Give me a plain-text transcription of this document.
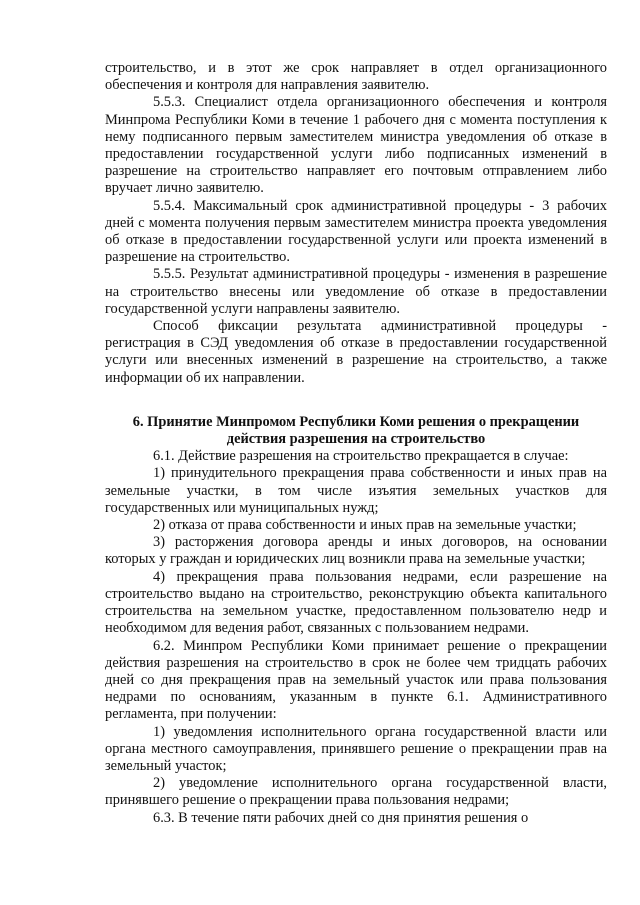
строительство, и в этот же срок направляет в отдел организационного обеспечения и контроля для направления заявителю.

5.5.3. Специалист отдела организационного обеспечения и контроля Минпрома Республики Коми в течение 1 рабочего дня с момента поступления к нему подписанного первым заместителем министра уведомления об отказе в предоставлении государственной услуги либо подписанных изменений в разрешение на строительство направляет его почтовым отправлением либо вручает лично заявителю.

5.5.4. Максимальный срок административной процедуры - 3 рабочих дней с момента получения первым заместителем министра проекта уведомления об отказе в предоставлении государственной услуги или проекта изменений в разрешение на строительство.

5.5.5. Результат административной процедуры - изменения в разрешение на строительство внесены или уведомление об отказе в предоставлении государственной услуги направлены заявителю.

Способ фиксации результата административной процедуры - регистрация в СЭД уведомления об отказе в предоставлении государственной услуги или внесенных изменений в разрешение на строительство, а также информации об их направлении.

6. Принятие Минпромом Республики Коми решения о прекращении действия разрешения на строительство

6.1. Действие разрешения на строительство прекращается в случае:

1) принудительного прекращения права собственности и иных прав на земельные участки, в том числе изъятия земельных участков для государственных или муниципальных нужд;

2) отказа от права собственности и иных прав на земельные участки;

3) расторжения договора аренды и иных договоров, на основании которых у граждан и юридических лиц возникли права на земельные участки;

4) прекращения права пользования недрами, если разрешение на строительство выдано на строительство, реконструкцию объекта капитального строительства на земельном участке, предоставленном пользователю недр и необходимом для ведения работ, связанных с пользованием недрами.

6.2. Минпром Республики Коми принимает решение о прекращении действия разрешения на строительство в срок не более чем тридцать рабочих дней со дня прекращения прав на земельный участок или права пользования недрами по основаниям, указанным в пункте 6.1. Административного регламента, при получении:

1) уведомления исполнительного органа государственной власти или органа местного самоуправления, принявшего решение о прекращении прав на земельный участок;

2) уведомление исполнительного органа государственной власти, принявшего решение о прекращении права пользования недрами;

6.3. В течение пяти рабочих дней со дня принятия решения о
